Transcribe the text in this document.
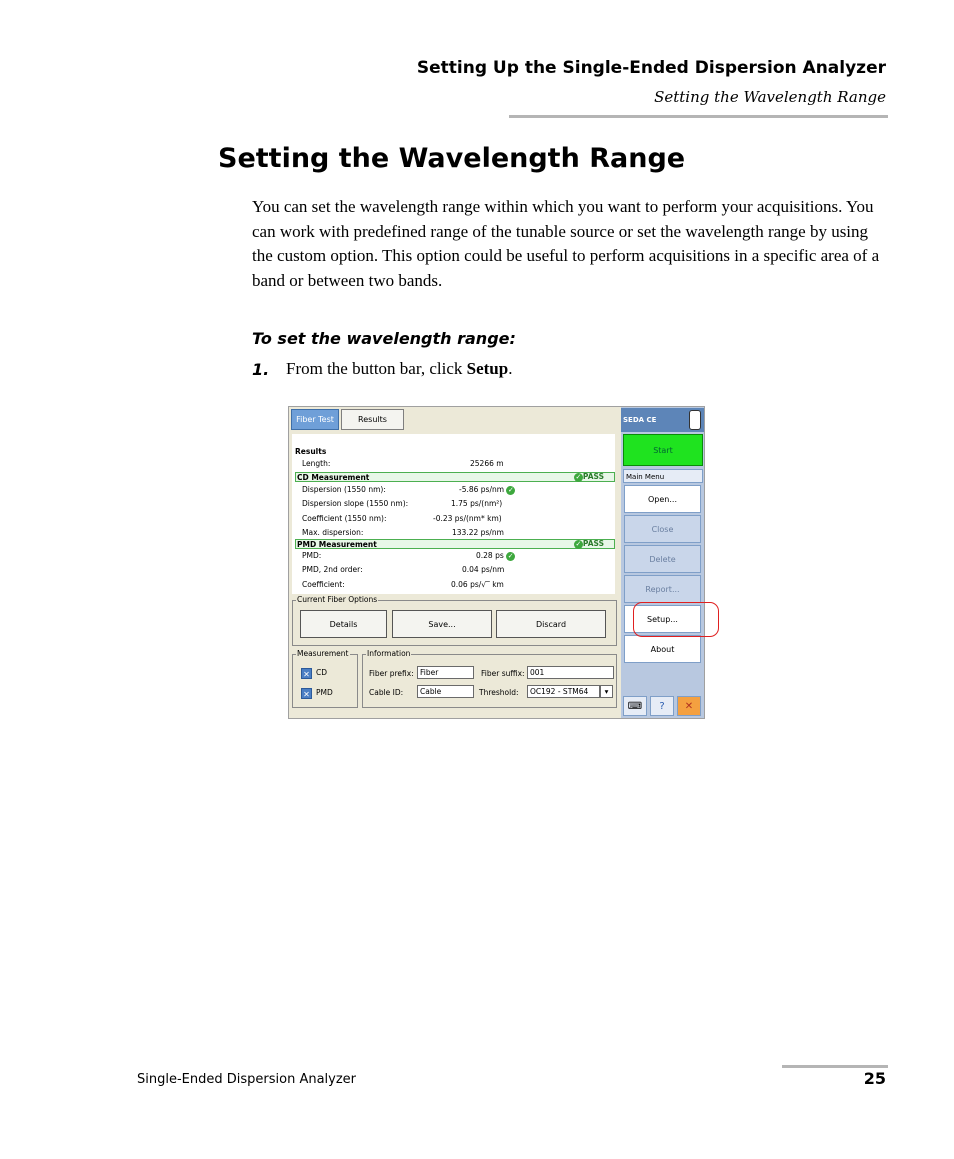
Setting Up the Single-Ended Dispersion Analyzer
Setting the Wavelength Range
Setting the Wavelength Range
You can set the wavelength range within which you want to perform your acquisitions. You can work with predefined range of the tunable source or set the wavelength range by using the custom option. This option could be useful to perform acquisitions in a specific area of a band or between two bands.
To set the wavelength range:
1. From the button bar, click Setup.
Fiber Test	Results
Results
Length:	25266 m
CD Measurement	✓ PASS
Dispersion (1550 nm):	-5.86 ps/nm ✓
Dispersion slope (1550 nm):	1.75 ps/(nm²)
Coefficient (1550 nm):	-0.23 ps/(nm* km)
Max. dispersion:	133.22 ps/nm
PMD Measurement	✓ PASS
PMD:	0.28 ps ✓
PMD, 2nd order:	0.04 ps/nm
Coefficient:	0.06 ps/√‾ km
Current Fiber Options
Details	Save...	Discard
Measurement
✕ CD
✕ PMD
Information
Fiber prefix: Fiber	Fiber suffix: 001
Cable ID:	Cable	Threshold:	OC192 - STM64	▾
SEDA CE
Start
Main Menu
Open...
Close
Delete
Report...
Setup...
About
⌨	?	✕
Single-Ended Dispersion Analyzer	25
